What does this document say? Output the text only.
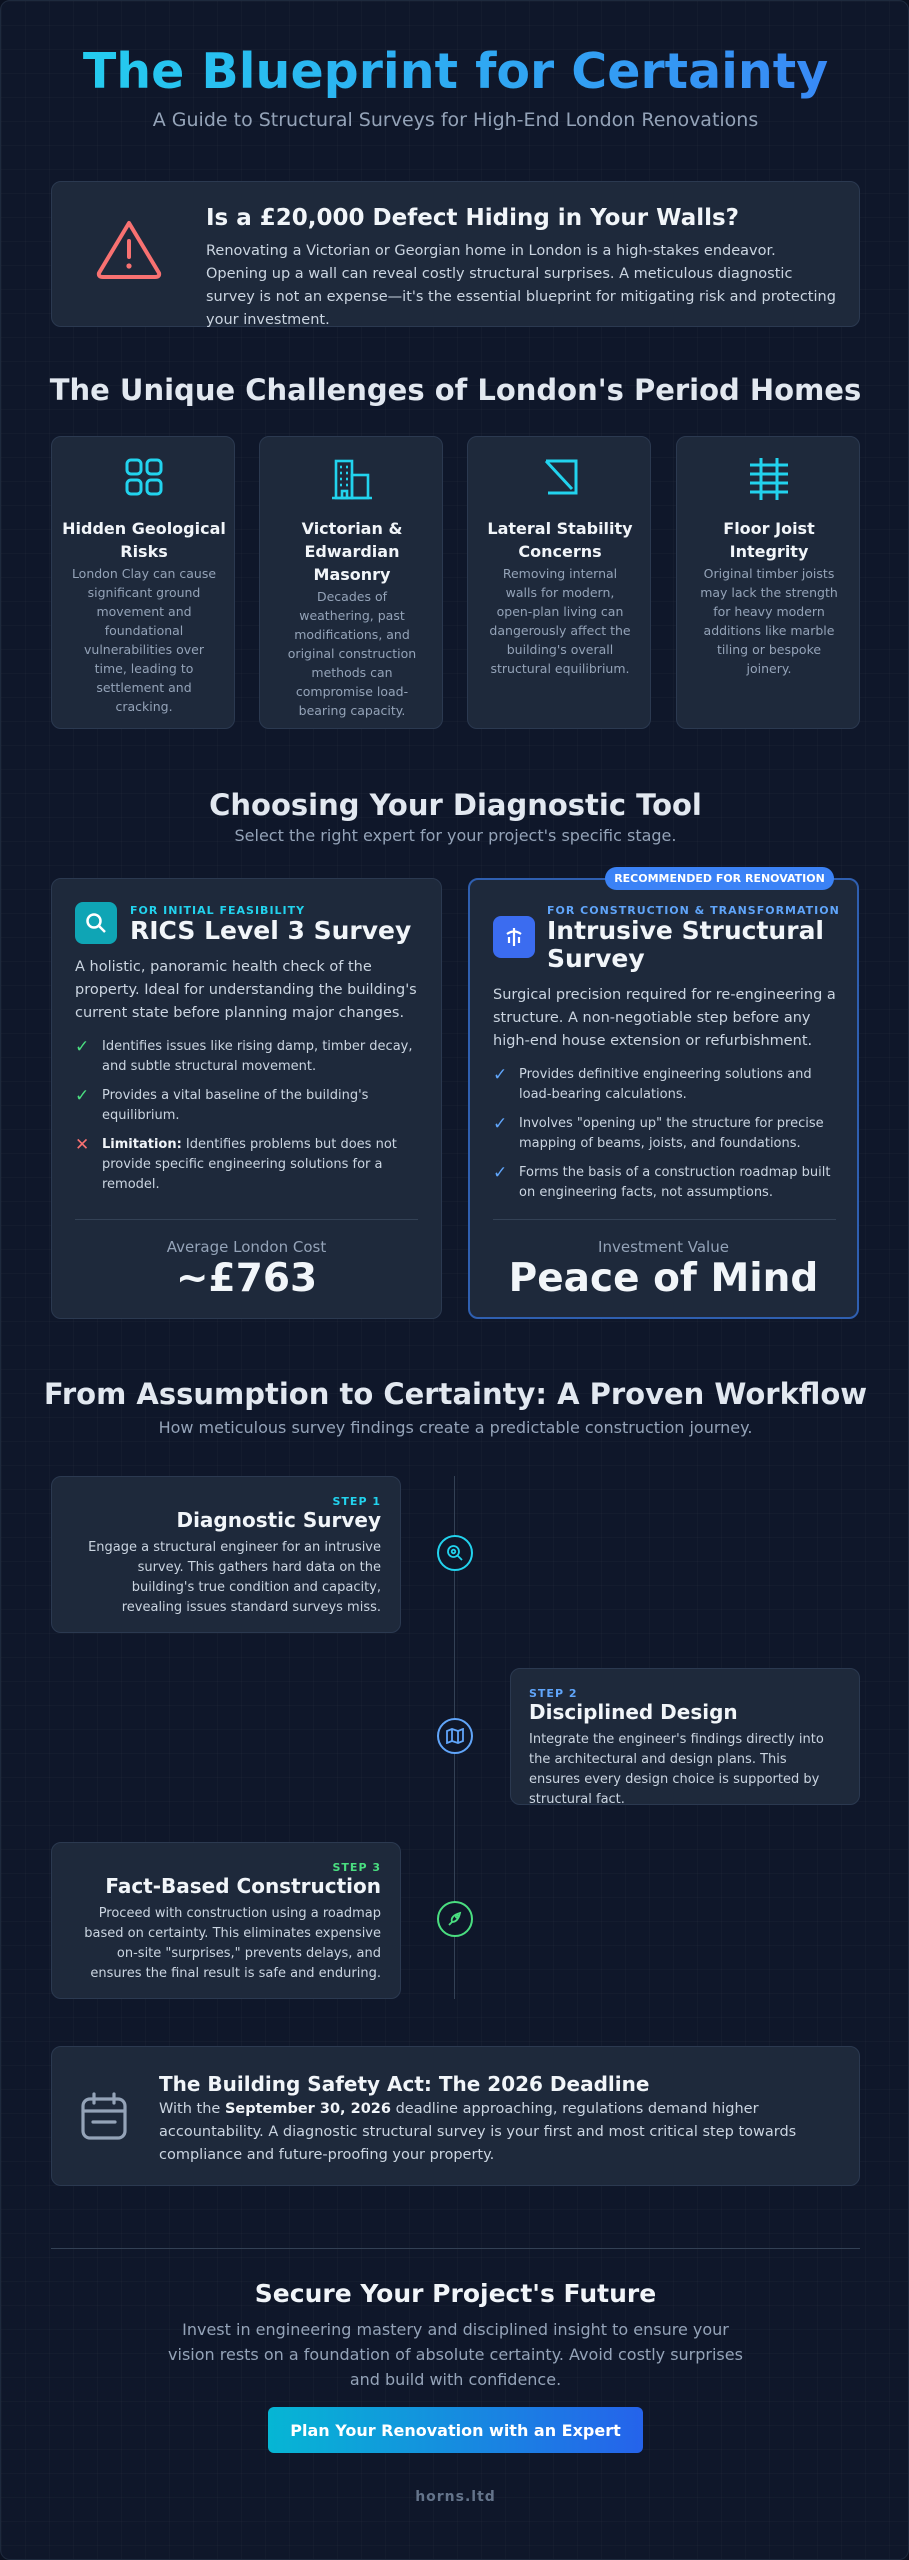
The Blueprint for Certainty
A Guide to Structural Surveys for High-End London Renovations
Is a £20,000 Defect Hiding in Your Walls?
Renovating a Victorian or Georgian home in London is a high-stakes endeavor. Opening up a wall can reveal costly structural surprises. A meticulous diagnostic survey is not an expense—it's the essential blueprint for mitigating risk and protecting your investment.
The Unique Challenges of London's Period Homes
Hidden Geological Risks
London Clay can cause significant ground movement and foundational vulnerabilities over time, leading to settlement and cracking.
Victorian & Edwardian Masonry
Decades of weathering, past modifications, and original construction methods can compromise load-bearing capacity.
Lateral Stability Concerns
Removing internal walls for modern, open-plan living can dangerously affect the building's overall structural equilibrium.
Floor Joist Integrity
Original timber joists may lack the strength for heavy modern additions like marble tiling or bespoke joinery.
Choosing Your Diagnostic Tool
Select the right expert for your project's specific stage.
FOR INITIAL FEASIBILITY
RICS Level 3 Survey
A holistic, panoramic health check of the property. Ideal for understanding the building's current state before planning major changes.
✓ Identifies issues like rising damp, timber decay, and subtle structural movement.
✓ Provides a vital baseline of the building's equilibrium.
✕ Limitation: Identifies problems but does not provide specific engineering solutions for a remodel.
Average London Cost
~£763
RECOMMENDED FOR RENOVATION
FOR CONSTRUCTION & TRANSFORMATION
Intrusive Structural Survey
Surgical precision required for re-engineering a structure. A non-negotiable step before any high-end house extension or refurbishment.
✓ Provides definitive engineering solutions and load-bearing calculations.
✓ Involves "opening up" the structure for precise mapping of beams, joists, and foundations.
✓ Forms the basis of a construction roadmap built on engineering facts, not assumptions.
Investment Value
Peace of Mind
From Assumption to Certainty: A Proven Workflow
How meticulous survey findings create a predictable construction journey.
STEP 1
Diagnostic Survey
Engage a structural engineer for an intrusive survey. This gathers hard data on the building's true condition and capacity, revealing issues standard surveys miss.
STEP 2
Disciplined Design
Integrate the engineer's findings directly into the architectural and design plans. This ensures every design choice is supported by structural fact.
STEP 3
Fact-Based Construction
Proceed with construction using a roadmap based on certainty. This eliminates expensive on-site "surprises," prevents delays, and ensures the final result is safe and enduring.
The Building Safety Act: The 2026 Deadline
With the September 30, 2026 deadline approaching, regulations demand higher accountability. A diagnostic structural survey is your first and most critical step towards compliance and future-proofing your property.
Secure Your Project's Future
Invest in engineering mastery and disciplined insight to ensure your vision rests on a foundation of absolute certainty. Avoid costly surprises and build with confidence.
Plan Your Renovation with an Expert
horns.ltd
